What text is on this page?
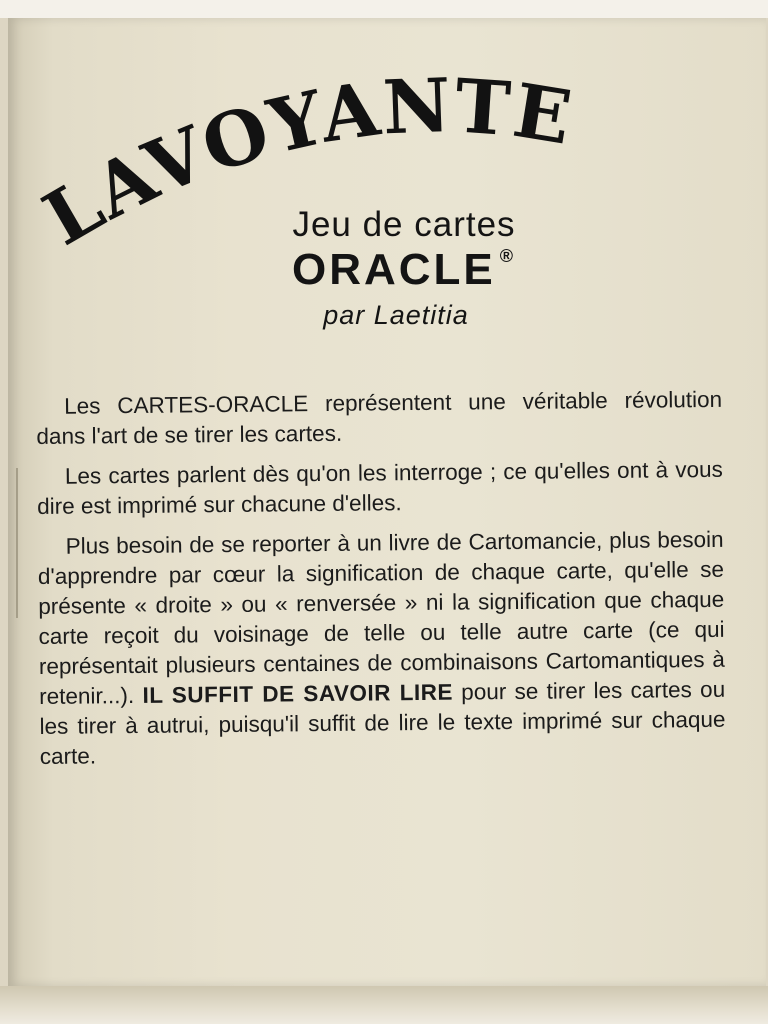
LAVOYANTE
Jeu de cartes
ORACLE ®
par Laetitia

Les CARTES-ORACLE représentent une véritable révolution dans l'art de se tirer les cartes.

Les cartes parlent dès qu'on les interroge ; ce qu'elles ont à vous dire est imprimé sur chacune d'elles.

Plus besoin de se reporter à un livre de Cartomancie, plus besoin d'apprendre par cœur la signification de chaque carte, qu'elle se présente « droite » ou « renversée » ni la signification que chaque carte reçoit du voisinage de telle ou telle autre carte (ce qui représentait plusieurs centaines de combinaisons Cartomantiques à retenir...). IL SUFFIT DE SAVOIR LIRE pour se tirer les cartes ou les tirer à autrui, puisqu'il suffit de lire le texte imprimé sur chaque carte.
